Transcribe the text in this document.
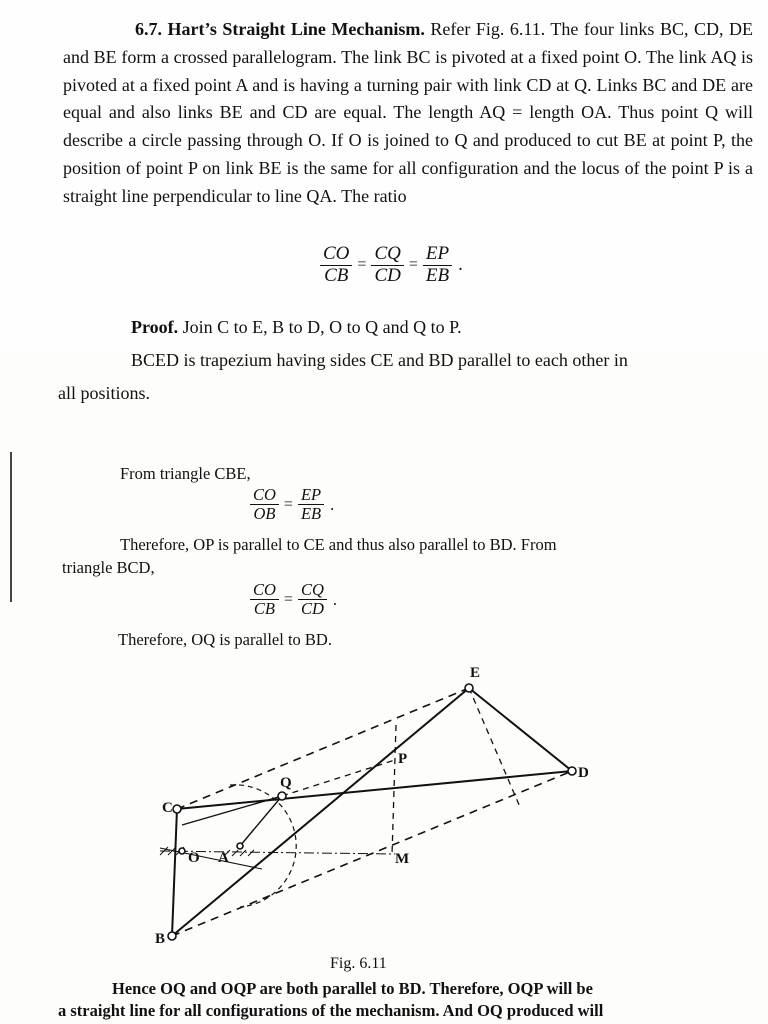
6.7. Hart’s Straight Line Mechanism. Refer Fig. 6.11. The four links BC, CD, DE and BE form a crossed parallelogram. The link BC is pivoted at a fixed point O. The link AQ is pivoted at a fixed point A and is having a turning pair with link CD at Q. Links BC and DE are equal and also links BE and CD are equal. The length AQ = length OA. Thus point Q will describe a circle passing through O. If O is joined to Q and produced to cut BE at point P, the position of point P on link BE is the same for all configuration and the locus of the point P is a straight line perpendicular to line QA. The ratio

$\frac{CO}{CB} = \frac{CQ}{CD} = \frac{EP}{EB}$ .
Proof. Join C to E, B to D, O to Q and Q to P.
BCED is trapezium having sides CE and BD parallel to each other in
all positions.
From triangle CBE,
$\frac{CO}{OB} = \frac{EP}{EB}$ .
Therefore, OP is parallel to CE and thus also parallel to BD. From
triangle BCD,
$\frac{CO}{CB} = \frac{CQ}{CD}$ .
Therefore, OQ is parallel to BD.
E
D
P
Q
C
O A	M
B
Fig. 6.11
Hence OQ and OQP are both parallel to BD. Therefore, OQP will be
a straight line for all configurations of the mechanism. And OQ produced will
